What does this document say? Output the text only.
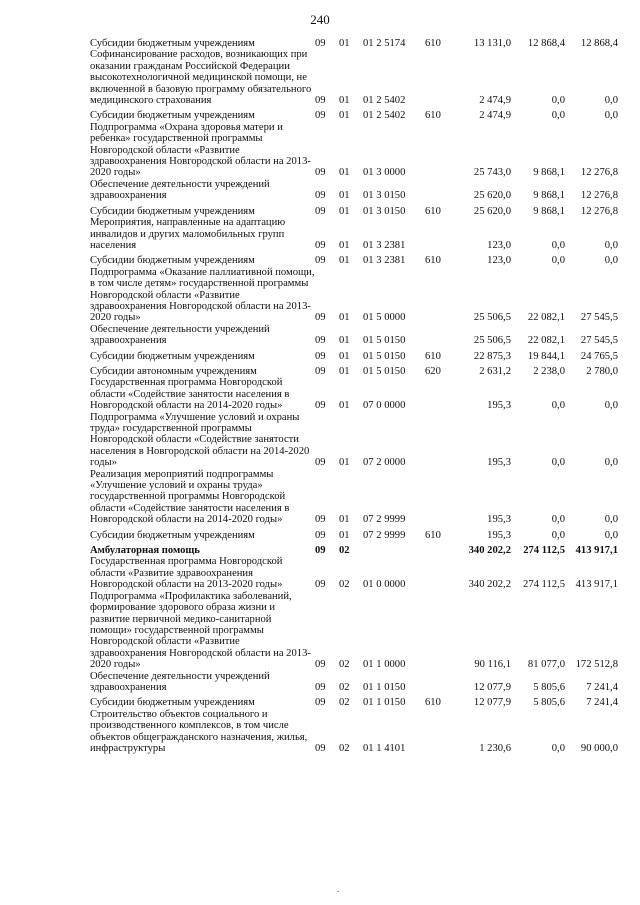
240
Субсидии бюджетным учреждениям	09	01	01 2 5174	610	13 131,0	12 868,4	12 868,4
Софинансирование расходов, возникающих при оказании гражданам Российской Федерации высокотехнологичной медицинской помощи, не включенной в базовую программу обязательного медицинского страхования	09	01	01 2 5402	2 474,9	0,0	0,0
Субсидии бюджетным учреждениям	09	01	01 2 5402	610	2 474,9	0,0	0,0
Подпрограмма «Охрана здоровья матери и ребенка» государственной программы Новгородской области «Развитие здравоохранения Новгородской области на 2013-2020 годы»	09	01	01 3 0000	25 743,0	9 868,1	12 276,8
Обеспечение деятельности учреждений здравоохранения	09	01	01 3 0150	25 620,0	9 868,1	12 276,8
Субсидии бюджетным учреждениям	09	01	01 3 0150	610	25 620,0	9 868,1	12 276,8
Мероприятия, направленные на адаптацию инвалидов и других маломобильных групп населения	09	01	01 3 2381	123,0	0,0	0,0
Субсидии бюджетным учреждениям	09	01	01 3 2381	610	123,0	0,0	0,0
Подпрограмма «Оказание паллиативной помощи, в том числе детям» государственной программы Новгородской области «Развитие здравоохранения Новгородской области на 2013-2020 годы»	09	01	01 5 0000	25 506,5	22 082,1	27 545,5
Обеспечение деятельности учреждений здравоохранения	09	01	01 5 0150	25 506,5	22 082,1	27 545,5
Субсидии бюджетным учреждениям	09	01	01 5 0150	610	22 875,3	19 844,1	24 765,5
Субсидии автономным учреждениям	09	01	01 5 0150	620	2 631,2	2 238,0	2 780,0
Государственная программа Новгородской области «Содействие занятости населения в Новгородской области на 2014-2020 годы»	09	01	07 0 0000	195,3	0,0	0,0
Подпрограмма «Улучшение условий и охраны труда» государственной программы Новгородской области «Содействие занятости населения в Новгородской области на 2014-2020 годы»	09	01	07 2 0000	195,3	0,0	0,0
Реализация мероприятий подпрограммы «Улучшение условий и охраны труда» государственной программы Новгородской области «Содействие занятости населения в Новгородской области на 2014-2020 годы»	09	01	07 2 9999	195,3	0,0	0,0
Субсидии бюджетным учреждениям	09	01	07 2 9999	610	195,3	0,0	0,0
Амбулаторная помощь	09	02	340 202,2	274 112,5	413 917,1
Государственная программа Новгородской области «Развитие здравоохранения Новгородской области на 2013-2020 годы»	09	02	01 0 0000	340 202,2	274 112,5	413 917,1
Подпрограмма «Профилактика заболеваний, формирование здорового образа жизни и развитие первичной медико-санитарной помощи» государственной программы Новгородской области «Развитие здравоохранения Новгородской области на 2013-2020 годы»	09	02	01 1 0000	90 116,1	81 077,0	172 512,8
Обеспечение деятельности учреждений здравоохранения	09	02	01 1 0150	12 077,9	5 805,6	7 241,4
Субсидии бюджетным учреждениям	09	02	01 1 0150	610	12 077,9	5 805,6	7 241,4
Строительство объектов социального и производственного комплексов, в том числе объектов общегражданского назначения, жилья, инфраструктуры	09	02	01 1 4101	1 230,6	0,0	90 000,0
.
